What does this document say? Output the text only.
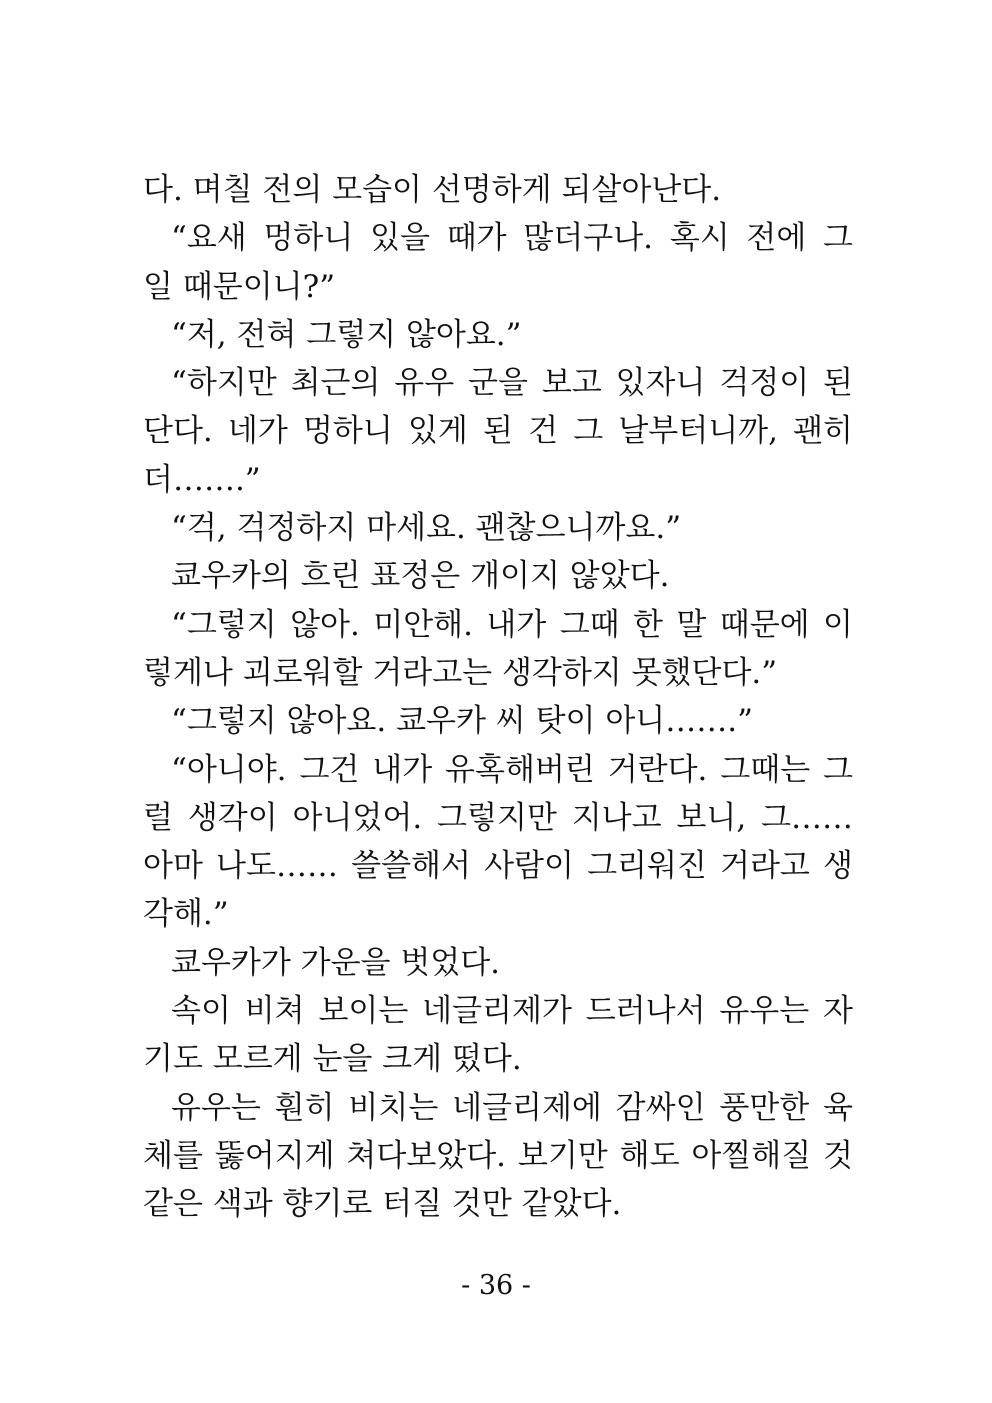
다. 며칠 전의 모습이 선명하게 되살아난다.
“요새 멍하니 있을 때가 많더구나. 혹시 전에 그
일 때문이니?”
“저, 전혀 그렇지 않아요.”
“하지만 최근의 유우 군을 보고 있자니 걱정이 된
단다. 네가 멍하니 있게 된 건 그 날부터니까, 괜히
더…….”
“걱, 걱정하지 마세요. 괜찮으니까요.”
쿄우카의 흐린 표정은 개이지 않았다.
“그렇지 않아. 미안해. 내가 그때 한 말 때문에 이
렇게나 괴로워할 거라고는 생각하지 못했단다.”
“그렇지 않아요. 쿄우카 씨 탓이 아니…….”
“아니야. 그건 내가 유혹해버린 거란다. 그때는 그
럴 생각이 아니었어. 그렇지만 지나고 보니, 그……
아마 나도…… 쓸쓸해서 사람이 그리워진 거라고 생
각해.”
쿄우카가 가운을 벗었다.
속이 비쳐 보이는 네글리제가 드러나서 유우는 자
기도 모르게 눈을 크게 떴다.
유우는 훤히 비치는 네글리제에 감싸인 풍만한 육
체를 뚫어지게 쳐다보았다. 보기만 해도 아찔해질 것
같은 색과 향기로 터질 것만 같았다.
- 36 -
